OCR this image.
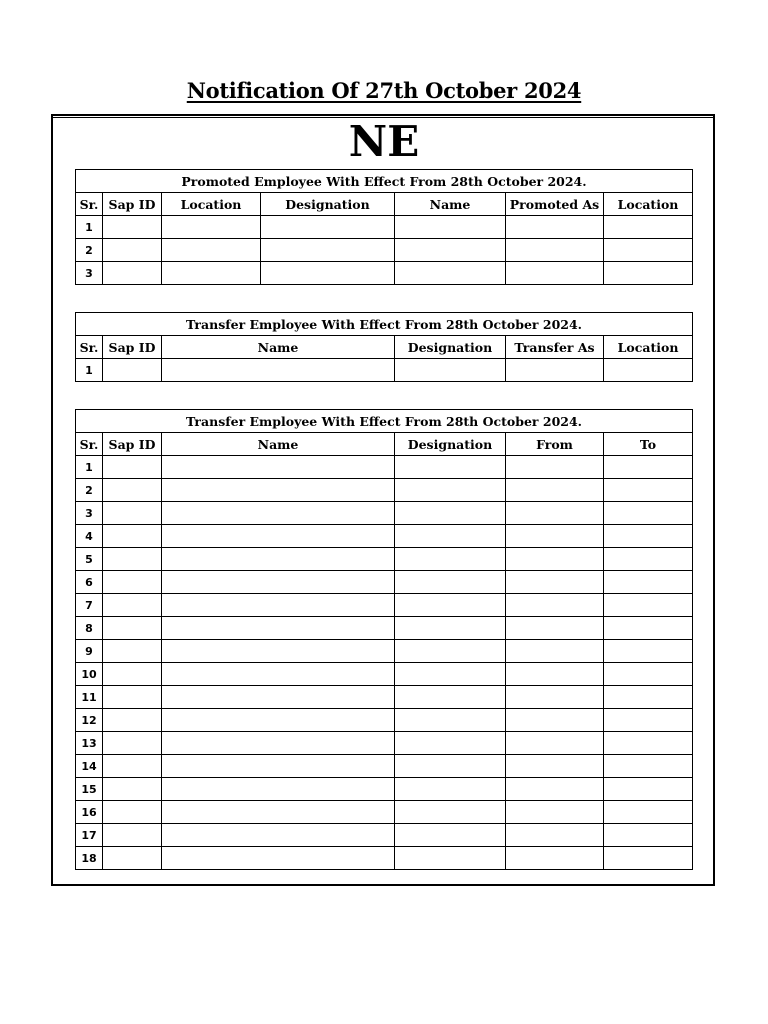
Notification Of 27th October 2024
NE
Promoted Employee With Effect From 28th October 2024.						
Sr.	Sap ID	Location	Designation	Name	Promoted As	Location
1						
2						
3						
Transfer Employee With Effect From 28th October 2024.					
Sr.	Sap ID	Name	Designation	Transfer As	Location
1					
Transfer Employee With Effect From 28th October 2024.					
Sr.	Sap ID	Name	Designation	From	To
1					
2					
3					
4					
5					
6					
7					
8					
9					
10					
11					
12					
13					
14					
15					
16					
17					
18					
